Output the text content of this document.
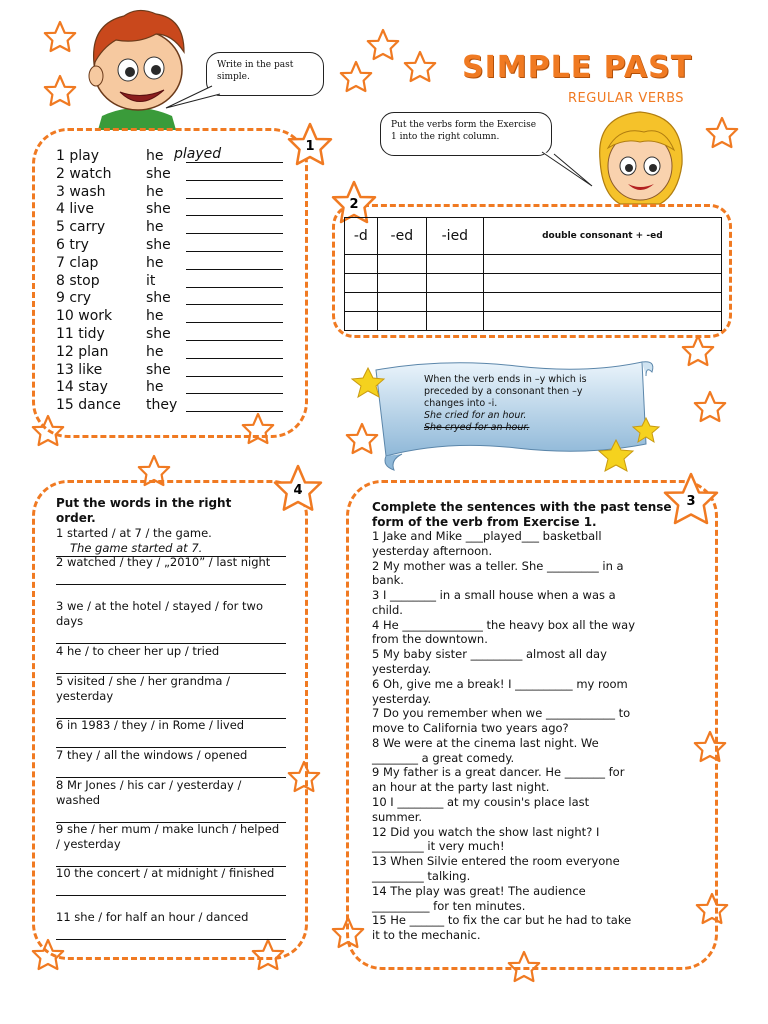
SIMPLE PAST
REGULAR VERBS
Write in the past simple.
Put the verbs form the Exercise 1 into the right column.
1
1 play	he played
2 watch she
3 wash	he
4 live	she
5 carry	he
6 try	she
7 clap	he
8 stop	it
9 cry	she
10 work he
11 tidy	she
12 plan	he
13 like	she
14 stay	he
15 dance they
2
-d	-ed	-ied	double consonant + -ed

When the verb ends in –y which is preceded by a consonant then –y changes into -i.
She cried for an hour.
She cryed for an hour.
4
Put the words in the right order.
1 started / at 7 / the game.
The game started at 7.
2 watched / they / „2010” / last night
3 we / at the hotel / stayed / for two days
4 he / to cheer her up / tried
5 visited / she / her grandma / yesterday
6 in 1983 / they / in Rome / lived
7 they / all the windows / opened
8 Mr Jones / his car / yesterday / washed
9 she / her mum / make lunch / helped / yesterday
10 the concert / at midnight / finished
11 she / for half an hour / danced
3
Complete the sentences with the past tense form of the verb from Exercise 1.
1 Jake and Mike ___played___ basketball
yesterday afternoon.
2 My mother was a teller. She _________ in a
bank.
3 I ________ in a small house when a was a
child.
4 He ______________ the heavy box all the way
from the downtown.
5 My baby sister _________ almost all day
yesterday.
6 Oh, give me a break! I __________ my room
yesterday.
7 Do you remember when we ____________ to
move to California two years ago?
8 We were at the cinema last night. We
________ a great comedy.
9 My father is a great dancer. He _______ for
an hour at the party last night.
10 I ________ at my cousin's place last
summer.
12 Did you watch the show last night? I
_________ it very much!
13 When Silvie entered the room everyone
_________ talking.
14 The play was great! The audience
__________ for ten minutes.
15 He ______ to fix the car but he had to take
it to the mechanic.
